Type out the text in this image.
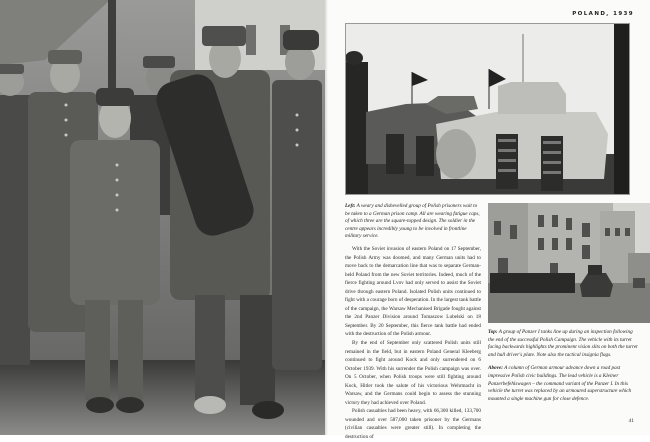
POLAND, 1939
Left: A weary and dishevelled group of Polish prisoners wait to be taken to a German prison camp. All are wearing fatigue caps, of which three are the square-topped design. The soldier in the centre appears incredibly young to be involved in frontline military service.

With the Soviet invasion of eastern Poland on 17 September, the Polish Army was doomed, and many German units had to move back to the demarcation line that was to separate German-held Poland from the new Soviet territories. Indeed, much of the fierce fighting around Lvov had only served to assist the Soviet drive through eastern Poland. Isolated Polish units continued to fight with a courage born of desperation. In the largest tank battle of the campaign, the Warsaw Mechanised Brigade fought against the 2nd Panzer Division around Tomaszow Lubelski on 18 September. By 20 September, this fierce tank battle had ended with the destruction of the Polish armour.

By the end of September only scattered Polish units still remained in the field, but in eastern Poland General Kleeberg continued to fight around Kock and only surrendered on 6 October 1939. With his surrender the Polish campaign was over. On 5 October, when Polish troops were still fighting around Kock, Hitler took the salute of his victorious Wehrmacht in Warsaw, and the Germans could begin to assess the stunning victory they had achieved over Poland.

Polish casualties had been heavy, with 66,300 killed, 133,700 wounded and over 587,000 taken prisoner by the Germans (civilian casualties were greater still). In completing the destruction of

Top: A group of Panzer I tanks line up during an inspection following the end of the successful Polish Campaign. The vehicle with its turret facing backwards highlights the prominent vision slits on both the turret and hull driver's plate. Note also the tactical insignia flags.

Above: A column of German armour advance down a road past impressive Polish civic buildings. The lead vehicle is a Kleiner Panzerbefehlswagen – the command variant of the Panzer I. In this vehicle the turret was replaced by an armoured superstructure which mounted a single machine gun for close defence.

41
